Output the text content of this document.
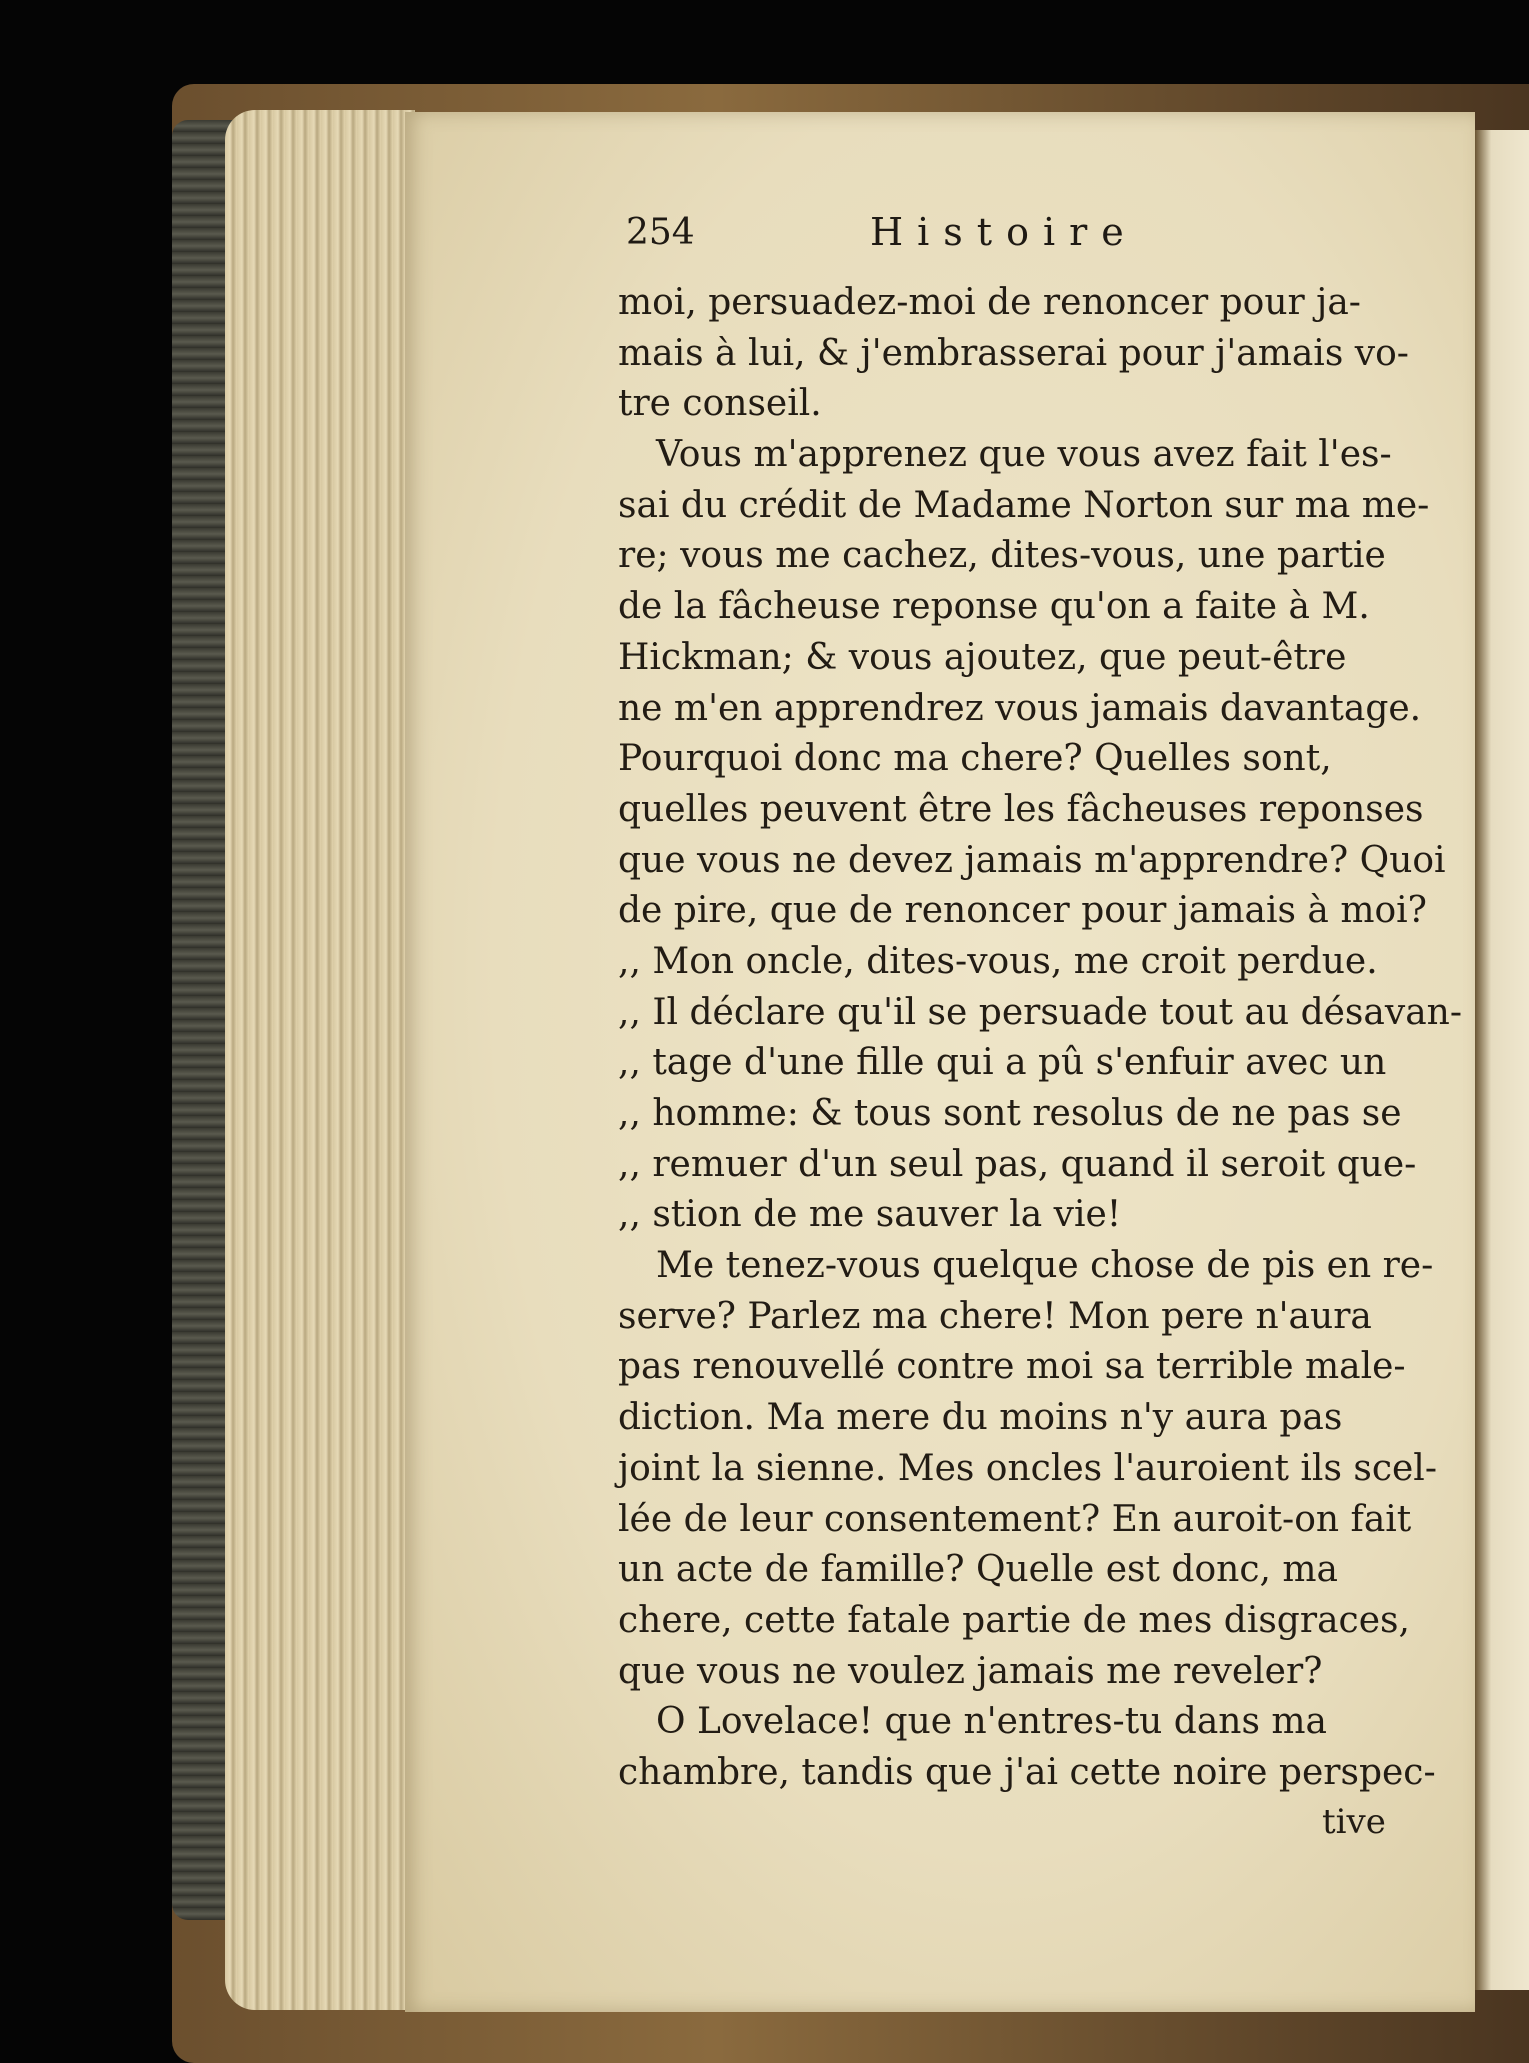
254	Histoire
moi, persuadez-moi de renoncer pour ja-
mais à lui, & j'embrasserai pour j'amais vo-
tre conseil.
Vous m'apprenez que vous avez fait l'es-
sai du crédit de Madame Norton sur ma me-
re; vous me cachez, dites-vous, une partie
de la fâcheuse reponse qu'on a faite à M.
Hickman; & vous ajoutez, que peut-être
ne m'en apprendrez vous jamais davantage.
Pourquoi donc ma chere? Quelles sont,
quelles peuvent être les fâcheuses reponses
que vous ne devez jamais m'apprendre? Quoi
de pire, que de renoncer pour jamais à moi?
,, Mon oncle, dites-vous, me croit perdue.
,, Il déclare qu'il se persuade tout au désavan-
,, tage d'une fille qui a pû s'enfuir avec un
,, homme: & tous sont resolus de ne pas se
,, remuer d'un seul pas, quand il seroit que-
,, stion de me sauver la vie!
Me tenez-vous quelque chose de pis en re-
serve? Parlez ma chere! Mon pere n'aura
pas renouvellé contre moi sa terrible male-
diction. Ma mere du moins n'y aura pas
joint la sienne. Mes oncles l'auroient ils scel-
lée de leur consentement? En auroit-on fait
un acte de famille? Quelle est donc, ma
chere, cette fatale partie de mes disgraces,
que vous ne voulez jamais me reveler?
O Lovelace! que n'entres-tu dans ma
chambre, tandis que j'ai cette noire perspec-
tive
